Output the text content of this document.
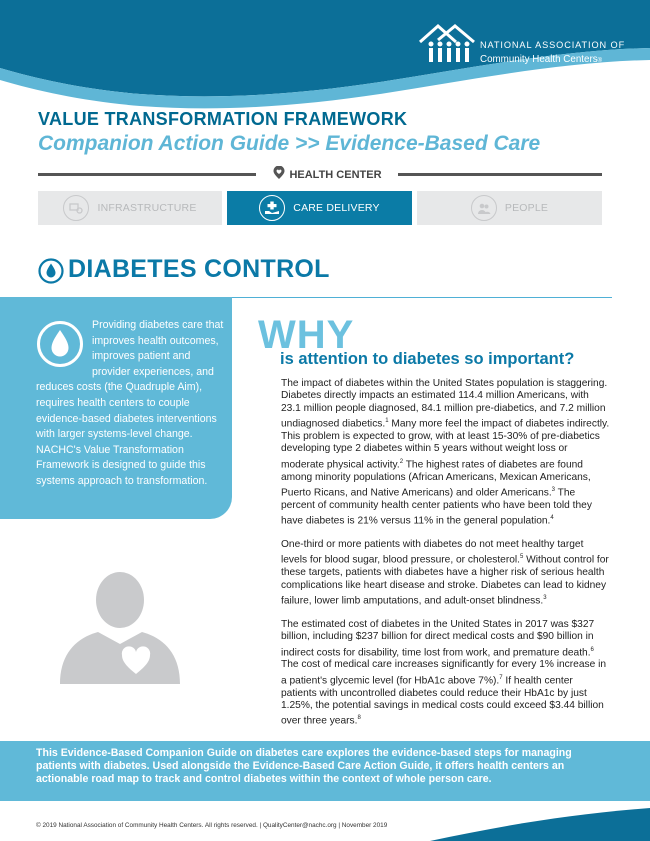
NATIONAL ASSOCIATION OF
Community Health Centers®
VALUE TRANSFORMATION FRAMEWORK
Companion Action Guide >> Evidence-Based Care
HEALTH CENTER
INFRASTRUCTURE	CARE DELIVERY	PEOPLE
DIABETES CONTROL
Providing diabetes care that improves health outcomes, improves patient and provider experiences, and reduces costs (the Quadruple Aim), requires health centers to couple evidence-based diabetes interventions with larger systems-level change. NACHC's Value Transformation Framework is designed to guide this systems approach to transformation.
WHY
is attention to diabetes so important?

The impact of diabetes within the United States population is staggering. Diabetes directly impacts an estimated 114.4 million Americans, with 23.1 million people diagnosed, 84.1 million pre-diabetics, and 7.2 million undiagnosed diabetics.$^1$ Many more feel the impact of diabetes indirectly. This problem is expected to grow, with at least 15-30% of pre-diabetics developing type 2 diabetes within 5 years without weight loss or moderate physical activity.$^2$ The highest rates of diabetes are found among minority populations (African Americans, Mexican Americans, Puerto Ricans, and Native Americans) and older Americans.$^3$ The percent of community health center patients who have been told they have diabetes is 21% versus 11% in the general population.$^4$

One-third or more patients with diabetes do not meet healthy target levels for blood sugar, blood pressure, or cholesterol.$^5$ Without control for these targets, patients with diabetes have a higher risk of serious health complications like heart disease and stroke. Diabetes can lead to kidney failure, lower limb amputations, and adult-onset blindness.$^3$

The estimated cost of diabetes in the United States in 2017 was $327 billion, including $237 billion for direct medical costs and $90 billion in indirect costs for disability, time lost from work, and premature death.$^6$ The cost of medical care increases significantly for every 1% increase in a patient's glycemic level (for HbA1c above 7%).$^7$ If health center patients with uncontrolled diabetes could reduce their HbA1c by just 1.25%, the potential savings in medical costs could exceed $3.44 billion over three years.$^8$

This Evidence-Based Companion Guide on diabetes care explores the evidence-based steps for managing patients with diabetes. Used alongside the Evidence-Based Care Action Guide, it offers health centers an actionable road map to track and control diabetes within the context of whole person care.
© 2019 National Association of Community Health Centers. All rights reserved. | QualityCenter@nachc.org | November 2019
